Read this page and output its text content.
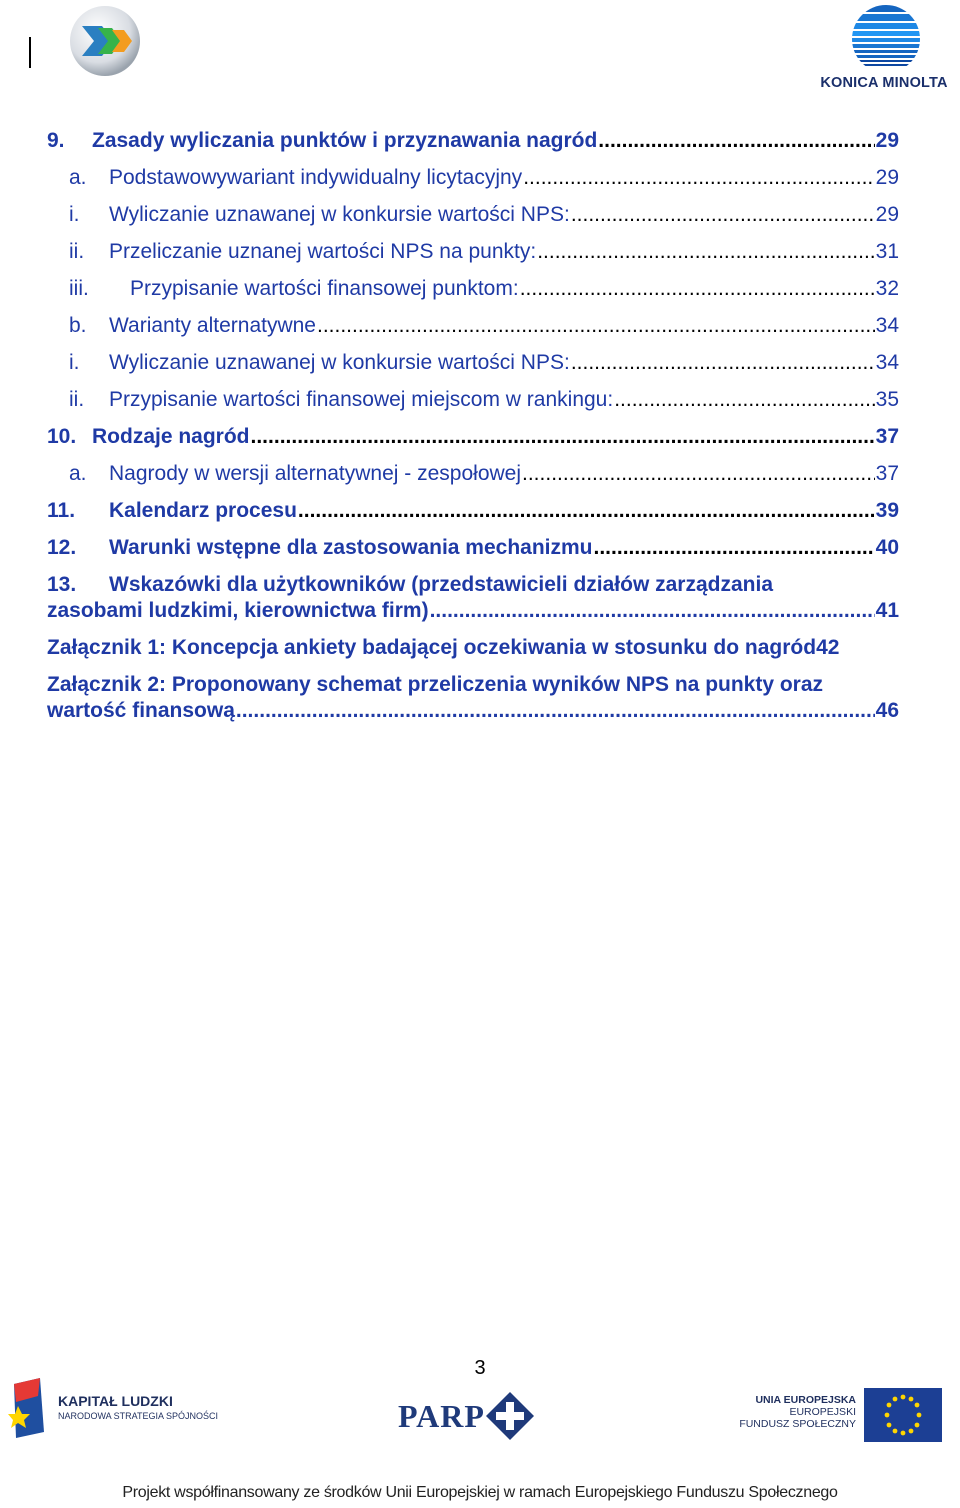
KONICA MINOLTA
9.	Zasady wyliczania punktów i przyznawania nagród .....	29
a.	Podstawowywariant indywidualny licytacyjny .....	29
i.	Wyliczanie uznawanej w konkursie wartości NPS: .....	29
ii.	Przeliczanie uznanej wartości NPS na punkty: .....	31
iii.	Przypisanie wartości finansowej punktom: .....	32
b.	Warianty alternatywne .....	34
i.	Wyliczanie uznawanej w konkursie wartości NPS: .....	34
ii.	Przypisanie wartości finansowej miejscom w rankingu: .....	35
10. Rodzaje nagród .....	37
a.	Nagrody w wersji alternatywnej - zespołowej .....	37
11.	Kalendarz procesu .....	39
12.	Warunki wstępne dla zastosowania mechanizmu .....	40
13. Wskazówki dla użytkowników (przedstawicieli działów zarządzania
zasobami ludzkimi, kierownictwa firm) .....	41
Załącznik 1: Koncepcja ankiety badającej oczekiwania w stosunku do nagród 42
Załącznik 2: Proponowany schemat przeliczenia wyników NPS na punkty oraz
wartość finansową .....	46
3
KAPITAŁ LUDZKI
NARODOWA STRATEGIA SPÓJNOŚCI	PARP	UNIA EUROPEJSKA
EUROPEJSKI
FUNDUSZ SPOŁECZNY
Projekt współfinansowany ze środków Unii Europejskiej w ramach Europejskiego Funduszu Społecznego
